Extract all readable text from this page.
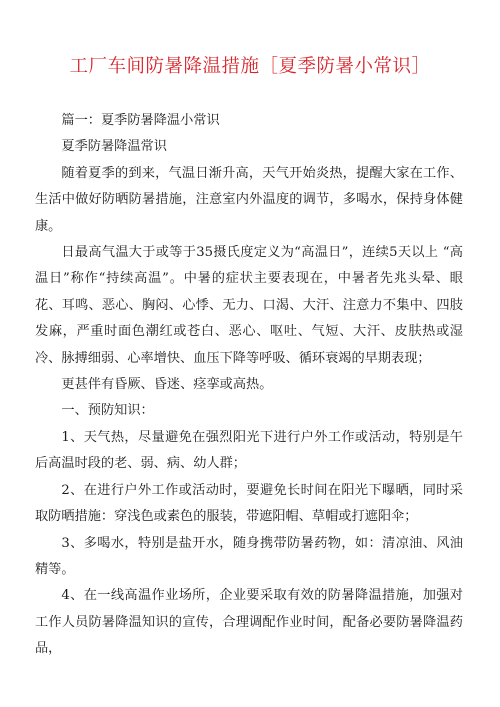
工厂车间防暑降温措施［夏季防暑小常识］

篇一：夏季防暑降温小常识

夏季防暑降温常识

随着夏季的到来，气温日渐升高，天气开始炎热，提醒大家在工作、生活中做好防晒防暑措施，注意室内外温度的调节，多喝水，保持身体健康。

日最高气温大于或等于35摄氏度定义为“高温日”，连续5天以上 “高温日”称作“持续高温”。中暑的症状主要表现在，中暑者先兆头晕、眼花、耳鸣、恶心、胸闷、心悸、无力、口渴、大汗、注意力不集中、四肢发麻，严重时面色潮红或苍白、恶心、呕吐、气短、大汗、皮肤热或湿冷、脉搏细弱、心率增快、血压下降等呼吸、循环衰竭的早期表现；

更甚伴有昏厥、昏迷、痉挛或高热。

一、预防知识：

1、天气热，尽量避免在强烈阳光下进行户外工作或活动，特别是午 后高温时段的老、弱、病、幼人群；

2、在进行户外工作或活动时，要避免长时间在阳光下曝晒，同时采 取防晒措施：穿浅色或素色的服装，带遮阳帽、草帽或打遮阳伞；

3、多喝水，特别是盐开水，随身携带防暑药物，如：清凉油、风油 精等。

4、在一线高温作业场所，企业要采取有效的防暑降温措施，加强对 工作人员防暑降温知识的宣传，合理调配作业时间，配备必要防暑降温药 品，
